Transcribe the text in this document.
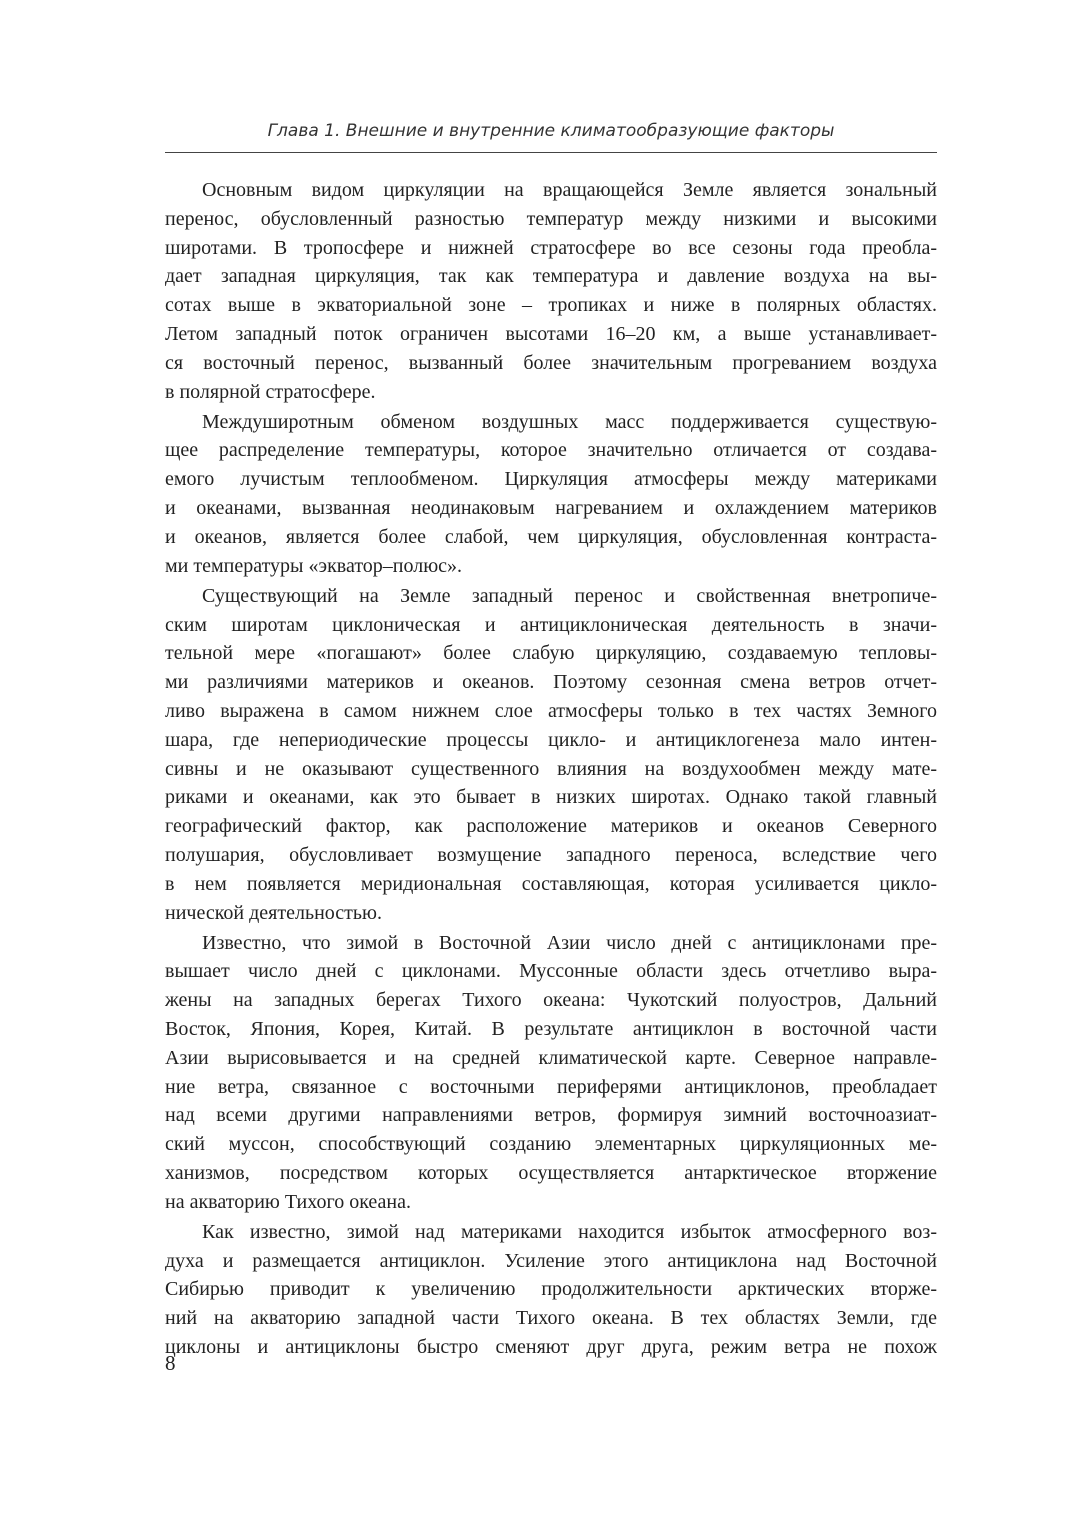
Глава 1. Внешние и внутренние климатообразующие факторы
Основным видом циркуляции на вращающейся Земле является зональный
перенос, обусловленный разностью температур между низкими и высокими
широтами. В тропосфере и нижней стратосфере во все сезоны года преобла-
дает западная циркуляция, так как температура и давление воздуха на вы-
сотах выше в экваториальной зоне – тропиках и ниже в полярных областях.
Летом западный поток ограничен высотами 16–20 км, а выше устанавливает-
ся восточный перенос, вызванный более значительным прогреванием воздуха
в полярной стратосфере.
Междуширотным обменом воздушных масс поддерживается существую-
щее распределение температуры, которое значительно отличается от создава-
емого лучистым теплообменом. Циркуляция атмосферы между материками
и океанами, вызванная неодинаковым нагреванием и охлаждением материков
и океанов, является более слабой, чем циркуляция, обусловленная контраста-
ми температуры «экватор–полюс».
Существующий на Земле западный перенос и свойственная внетропиче-
ским широтам циклоническая и антициклоническая деятельность в значи-
тельной мере «погашают» более слабую циркуляцию, создаваемую тепловы-
ми различиями материков и океанов. Поэтому сезонная смена ветров отчет-
ливо выражена в самом нижнем слое атмосферы только в тех частях Земного
шара, где непериодические процессы цикло- и антициклогенеза мало интен-
сивны и не оказывают существенного влияния на воздухообмен между мате-
риками и океанами, как это бывает в низких широтах. Однако такой главный
географический фактор, как расположение материков и океанов Северного
полушария, обусловливает возмущение западного переноса, вследствие чего
в нем появляется меридиональная составляющая, которая усиливается цикло-
нической деятельностью.
Известно, что зимой в Восточной Азии число дней с антициклонами пре-
вышает число дней с циклонами. Муссонные области здесь отчетливо выра-
жены на западных берегах Тихого океана: Чукотский полуостров, Дальний
Восток, Япония, Корея, Китай. В результате антициклон в восточной части
Азии вырисовывается и на средней климатической карте. Северное направле-
ние ветра, связанное с восточными периферями антициклонов, преобладает
над всеми другими направлениями ветров, формируя зимний восточноазиат-
ский муссон, способствующий созданию элементарных циркуляционных ме-
ханизмов, посредством которых осуществляется антарктическое вторжение
на акваторию Тихого океана.
Как известно, зимой над материками находится избыток атмосферного воз-
духа и размещается антициклон. Усиление этого антициклона над Восточной
Сибирью приводит к увеличению продолжительности арктических вторже-
ний на акваторию западной части Тихого океана. В тех областях Земли, где
циклоны и антициклоны быстро сменяют друг друга, режим ветра не похож
8
